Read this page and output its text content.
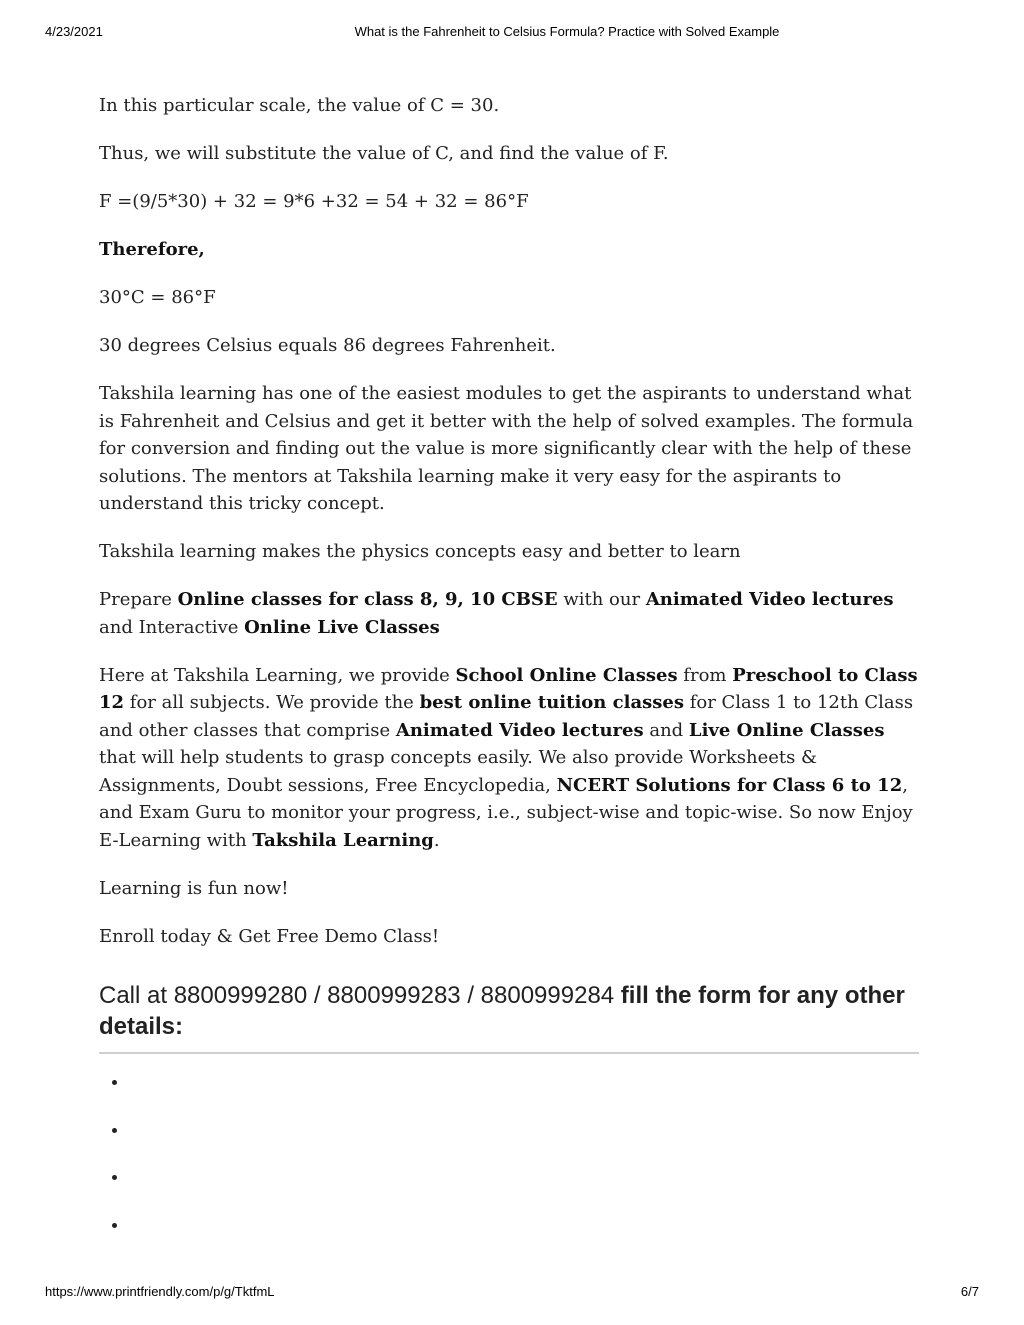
4/23/2021	What is the Fahrenheit to Celsius Formula? Practice with Solved Example

In this particular scale, the value of C = 30.

Thus, we will substitute the value of C, and find the value of F.

F =(9/5*30) + 32 = 9*6 +32 = 54 + 32 = 86°F

Therefore,

30°C = 86°F

30 degrees Celsius equals 86 degrees Fahrenheit.

Takshila learning has one of the easiest modules to get the aspirants to understand what is Fahrenheit and Celsius and get it better with the help of solved examples. The formula for conversion and finding out the value is more significantly clear with the help of these solutions. The mentors at Takshila learning make it very easy for the aspirants to understand this tricky concept.

Takshila learning makes the physics concepts easy and better to learn

Prepare Online classes for class 8, 9, 10 CBSE with our Animated Video lectures and Interactive Online Live Classes

Here at Takshila Learning, we provide School Online Classes from Preschool to Class 12 for all subjects. We provide the best online tuition classes for Class 1 to 12th Class and other classes that comprise Animated Video lectures and Live Online Classes that will help students to grasp concepts easily. We also provide Worksheets & Assignments, Doubt sessions, Free Encyclopedia, NCERT Solutions for Class 6 to 12, and Exam Guru to monitor your progress, i.e., subject-wise and topic-wise. So now Enjoy E-Learning with Takshila Learning.

Learning is fun now!

Enroll today & Get Free Demo Class!

Call at 8800999280 / 8800999283 / 8800999284 fill the form for any other details:
•
•
•
•
https://www.printfriendly.com/p/g/TktfmL	6/7
